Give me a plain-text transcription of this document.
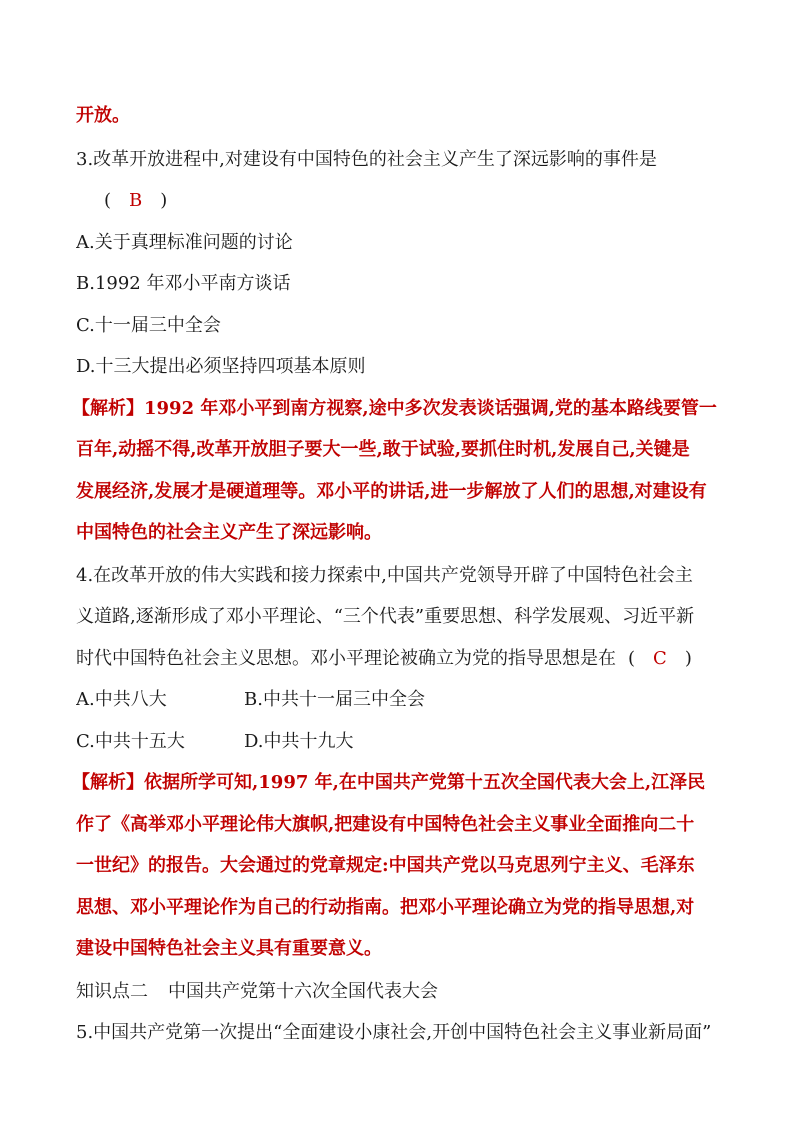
开放。
3.改革开放进程中,对建设有中国特色的社会主义产生了深远影响的事件是
( B )
A.关于真理标准问题的讨论
B.1992 年邓小平南方谈话
C.十一届三中全会
D.十三大提出必须坚持四项基本原则
【解析】1992 年邓小平到南方视察,途中多次发表谈话强调,党的基本路线要管一
百年,动摇不得,改革开放胆子要大一些,敢于试验,要抓住时机,发展自己,关键是
发展经济,发展才是硬道理等。邓小平的讲话,进一步解放了人们的思想,对建设有
中国特色的社会主义产生了深远影响。
4.在改革开放的伟大实践和接力探索中,中国共产党领导开辟了中国特色社会主
义道路,逐渐形成了邓小平理论、“三个代表”重要思想、科学发展观、习近平新
时代中国特色社会主义思想。邓小平理论被确立为党的指导思想是在 ( C )
A.中共八大	B.中共十一届三中全会
C.中共十五大	D.中共十九大
【解析】依据所学可知,1997 年,在中国共产党第十五次全国代表大会上,江泽民
作了《高举邓小平理论伟大旗帜,把建设有中国特色社会主义事业全面推向二十
一世纪》的报告。大会通过的党章规定:中国共产党以马克思列宁主义、毛泽东
思想、邓小平理论作为自己的行动指南。把邓小平理论确立为党的指导思想,对
建设中国特色社会主义具有重要意义。
知识点二 中国共产党第十六次全国代表大会
5.中国共产党第一次提出“全面建设小康社会,开创中国特色社会主义事业新局面”
